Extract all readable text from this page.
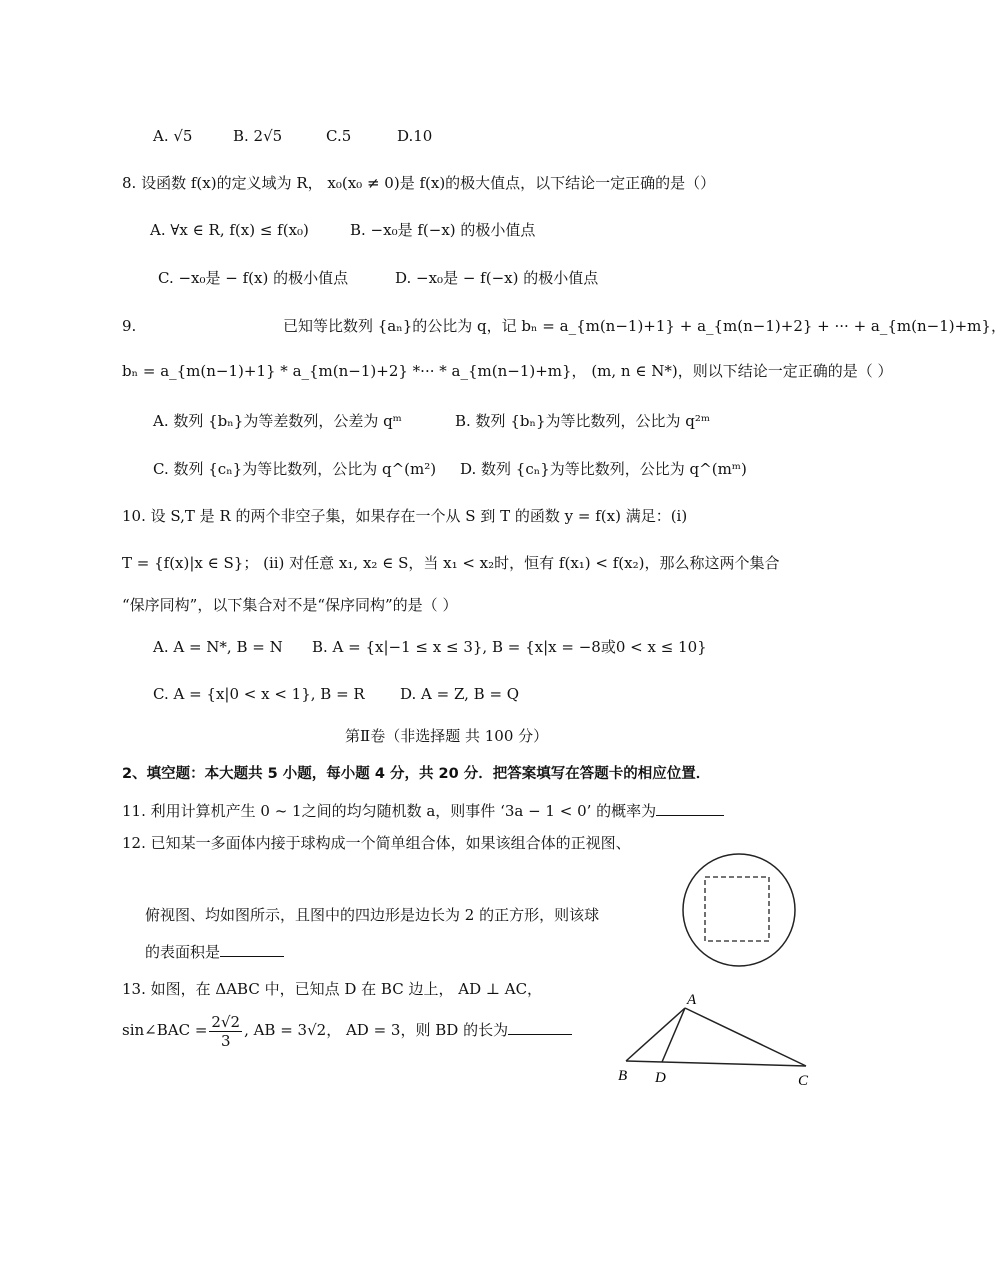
A. √5	B. 2√5	C.5	D.10
8. 设函数 f(x)的定义域为 R， x₀(x₀ ≠ 0)是 f(x)的极大值点，以下结论一定正确的是（）
A. ∀x ∈ R, f(x) ≤ f(x₀)	B. −x₀是 f(−x) 的极小值点
C. −x₀是 − f(x) 的极小值点	D. −x₀是 − f(−x) 的极小值点
9.	已知等比数列 {aₙ}的公比为 q，记 bₙ = a_{m(n−1)+1} + a_{m(n−1)+2} + ··· + a_{m(n−1)+m}，
bₙ = a_{m(n−1)+1} * a_{m(n−1)+2} *··· * a_{m(n−1)+m}， (m, n ∈ N*)，则以下结论一定正确的是（ ）
A. 数列 {bₙ}为等差数列，公差为 qᵐ	B. 数列 {bₙ}为等比数列，公比为 q²ᵐ
C. 数列 {cₙ}为等比数列，公比为 q^(m²) D. 数列 {cₙ}为等比数列，公比为 q^(mᵐ)
10. 设 S,T 是 R 的两个非空子集，如果存在一个从 S 到 T 的函数 y = f(x) 满足：(i)
T = {f(x)|x ∈ S}； (ii) 对任意 x₁, x₂ ∈ S，当 x₁ < x₂时，恒有 f(x₁) < f(x₂)，那么称这两个集合
“保序同构”，以下集合对不是“保序同构”的是（ ）
A. A = N*, B = N B. A = {x|−1 ≤ x ≤ 3}, B = {x|x = −8或0 < x ≤ 10}
C. A = {x|0 < x < 1}, B = R D. A = Z, B = Q
第Ⅱ卷（非选择题 共 100 分）
2、填空题：本大题共 5 小题，每小题 4 分，共 20 分．把答案填写在答题卡的相应位置．
11. 利用计算机产生 0 ~ 1之间的均匀随机数 a，则事件 ‘3a − 1 < 0’ 的概率为
12. 已知某一多面体内接于球构成一个简单组合体，如果该组合体的正视图、
俯视图、均如图所示，且图中的四边形是边长为 2 的正方形，则该球
的表面积是
13. 如图，在 ΔABC 中，已知点 D 在 BC 边上， AD ⊥ AC，
sin∠BAC = $\frac{2√2}{3}$ , AB = 3√2， AD = 3，则 BD 的长为
A
B D	C
